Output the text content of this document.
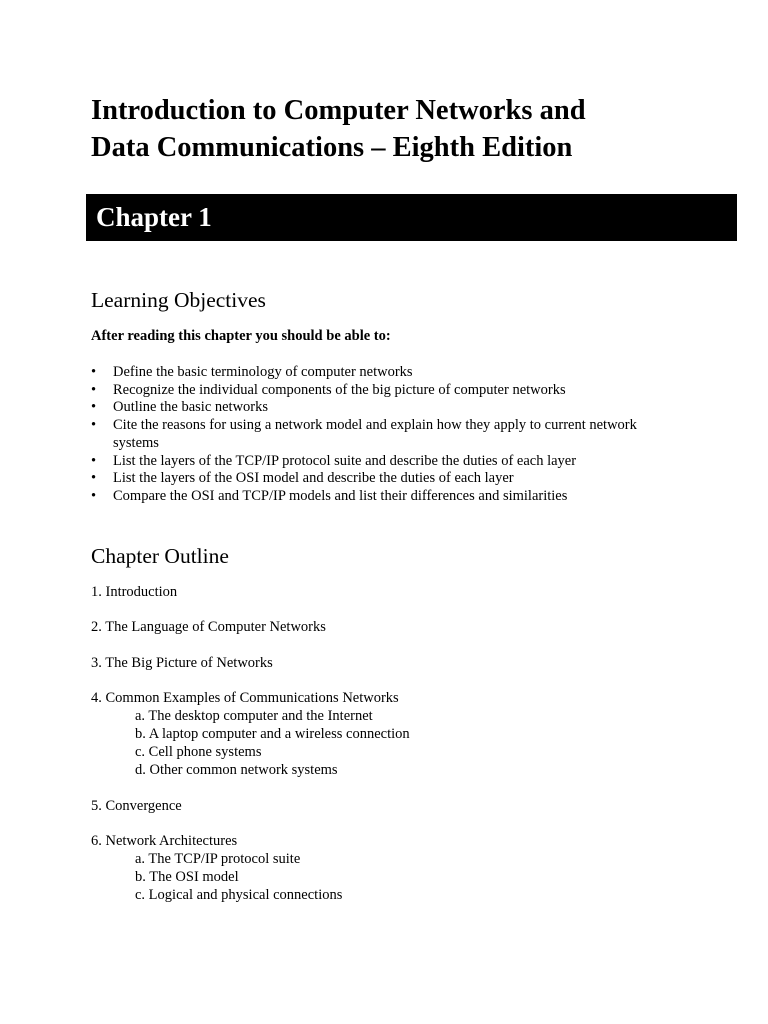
Introduction to Computer Networks and
Data Communications – Eighth Edition
Chapter 1
Learning Objectives
After reading this chapter you should be able to:
• Define the basic terminology of computer networks
• Recognize the individual components of the big picture of computer networks
• Outline the basic networks
• Cite the reasons for using a network model and explain how they apply to current network
systems
• List the layers of the TCP/IP protocol suite and describe the duties of each layer
• List the layers of the OSI model and describe the duties of each layer
• Compare the OSI and TCP/IP models and list their differences and similarities
Chapter Outline
1. Introduction
2. The Language of Computer Networks
3. The Big Picture of Networks
4. Common Examples of Communications Networks
a. The desktop computer and the Internet
b. A laptop computer and a wireless connection
c. Cell phone systems
d. Other common network systems
5. Convergence
6. Network Architectures
a. The TCP/IP protocol suite
b. The OSI model
c. Logical and physical connections
